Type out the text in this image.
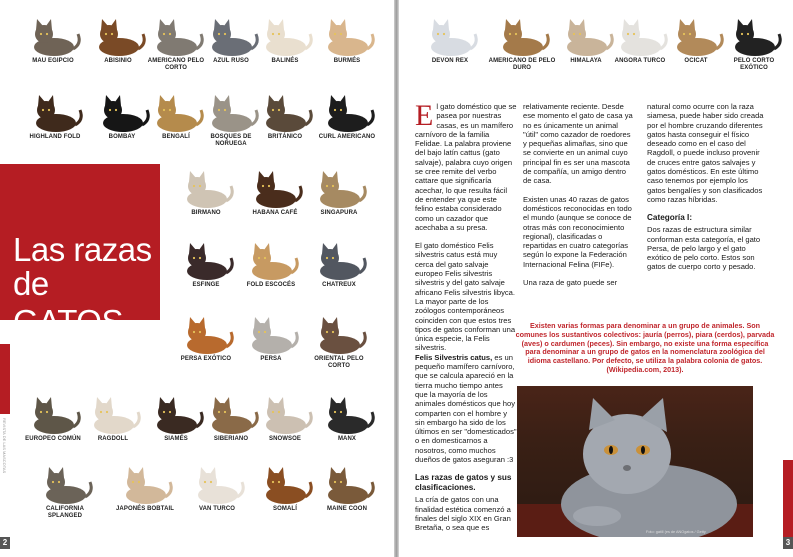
MAU EGIPCIO	ABISINIO	AMERICANO PELO CORTO
AZUL RUSO	BALINÉS	BURMÉS
HIGHLAND FOLD	BOMBAY	BENGALÍ	BOSQUES DE NORUEGA
BRITÁNICO	CURL AMERICANO
BIRMANO	HABANA CAFÉ	SINGAPURA
ESFINGE	FOLD ESCOCÉS	CHATREUX
PERSA EXÓTICO	PERSA	ORIENTAL PELO CORTO
EUROPEO COMÚN	RAGDOLL	SIAMÉS	SIBERIANO	SNOWSOE	MANX
CALIFORNIA SPLANGED
JAPONÉS BOBTAIL	VAN TURCO	SOMALÍ	MAINE COON
Las razas
de GATOS
REVISTA DE LAS MASCOTAS
2
DEVON REX	AMERICANO DE PELO DURO
HIMALAYA	ANGORA TURCO	OCICAT	PELO CORTO EXÓTICO

El gato doméstico que se pasea por nuestras casas, es un mamífero carnívoro de la familia Felidae. La palabra proviene del bajo latín cattus (gato salvaje), palabra cuyo origen se cree remite del verbo cattare que significaría acechar, lo que resulta fácil de entender ya que este felino estaba considerado como un cazador que acechaba a su presa.

El gato doméstico Felis silvestris catus está muy cerca del gato salvaje europeo Felis silvestris silvestris y del gato salvaje africano Felis silvestris libyca. La mayor parte de los zoólogos contemporáneos coinciden con que estos tres tipos de gatos conforman una única especie, la Felis silvestris.

Felis Silvestris catus, es un pequeño mamífero carnívoro, que se calcula apareció en la tierra mucho tiempo antes que la mayoría de los animales domésticos que hoy comparten con el hombre y sin embargo ha sido de los últimos en ser "domesticados" o en domesticarnos a nosotros, como muchos dueños de gatos aseguran :3

Las razas de gatos y sus clasificaciones.

La cría de gatos con una finalidad estética comenzó a finales del siglo XIX en Gran Bretaña, o sea que es

relativamente reciente. Desde ese momento el gato de casa ya no es únicamente un animal "útil" como cazador de roedores y pequeñas alimañas, sino que se convierte en un animal cuyo principal fin es ser una mascota de compañía, un amigo dentro de casa.

Existen unas 40 razas de gatos domésticos reconocidas en todo el mundo (aunque se conoce de otras más con reconocimiento regional), clasificadas o repartidas en cuatro categorías según lo expone la Federación Internacional Felina (FIFe).

Una raza de gato puede ser

natural como ocurre con la raza siamesa, puede haber sido creada por el hombre cruzando diferentes gatos hasta conseguir el físico deseado como en el caso del Ragdoll, o puede incluso provenir de cruces entre gatos salvajes y gatos domésticos. En este último caso tenemos por ejemplo los gatos bengalíes y son clasificados como razas híbridas.

Categoría I:

Dos razas de estructura similar conforman esta categoría, el gato Persa, de pelo largo y el gato exótico de pelo corto. Estos son gatos de cuerpo corto y pesado.

Existen varias formas para denominar a un grupo de animales. Son comunes los sustantivos colectivos: jauría (perros), piara (cerdos), parvada (aves) o cardumen (peces). Sin embargo, no existe una forma específica para denominar a un grupo de gatos en la nomenclatura zoológica del idioma castellano. Por defecto, se utiliza la palabra colonia de gatos. (Wikipedia.com, 2013).
Foto: gatill (es de ANOgatos / Getty
3
